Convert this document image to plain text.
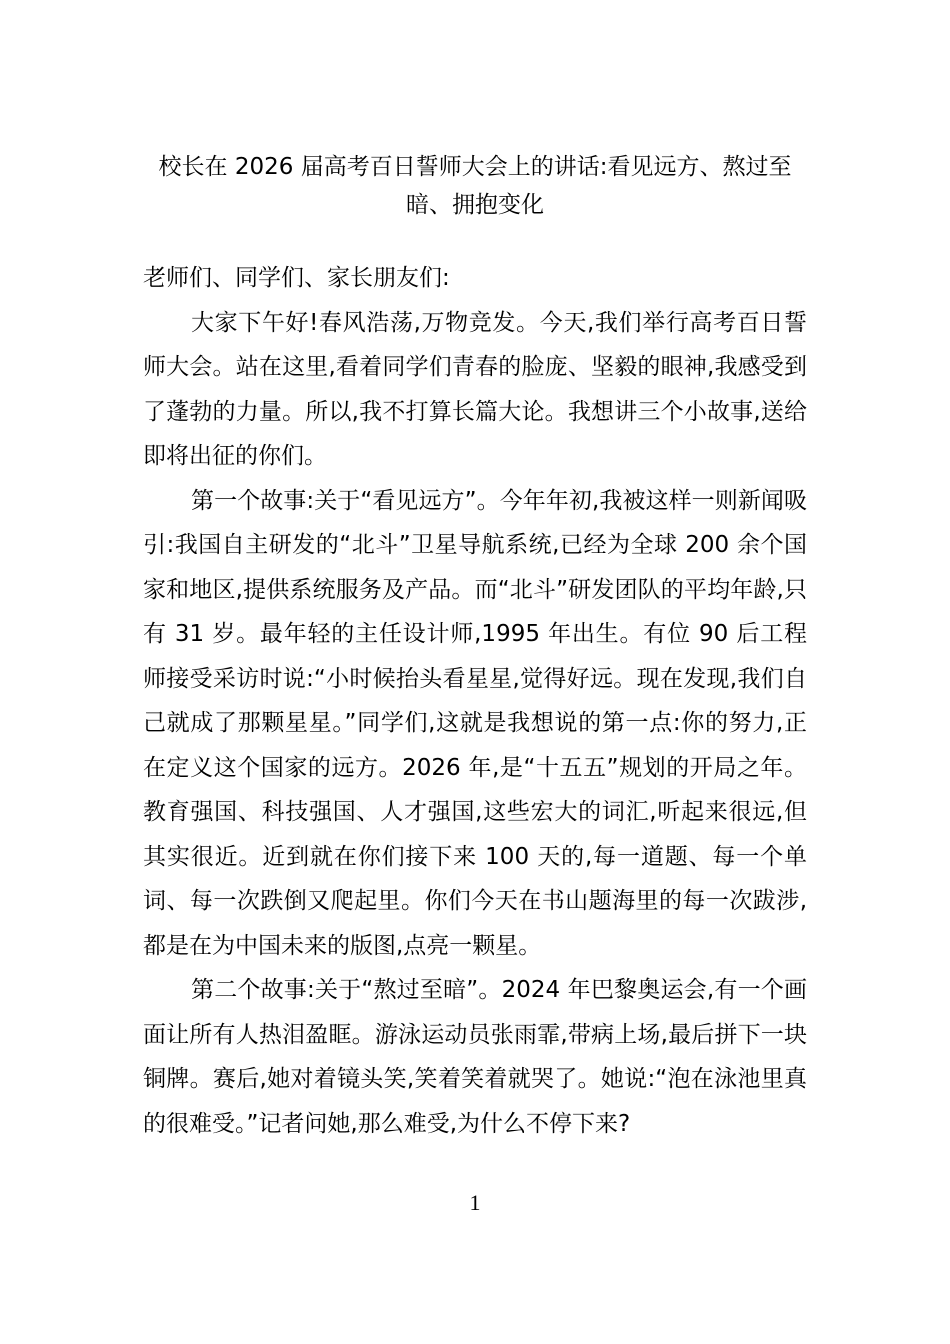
校长在 2026 届高考百日誓师大会上的讲话:看见远方、熬过至暗、拥抱变化

老师们、同学们、家长朋友们:

大家下午好!春风浩荡,万物竞发。今天,我们举行高考百日誓师大会。站在这里,看着同学们青春的脸庞、坚毅的眼神,我感受到了蓬勃的力量。所以,我不打算长篇大论。我想讲三个小故事,送给即将出征的你们。

第一个故事:关于“看见远方”。今年年初,我被这样一则新闻吸引:我国自主研发的“北斗”卫星导航系统,已经为全球 200 余个国家和地区,提供系统服务及产品。而“北斗”研发团队的平均年龄,只有 31 岁。最年轻的主任设计师,1995 年出生。有位 90 后工程师接受采访时说:“小时候抬头看星星,觉得好远。现在发现,我们自己就成了那颗星星。”同学们,这就是我想说的第一点:你的努力,正在定义这个国家的远方。2026 年,是“十五五”规划的开局之年。教育强国、科技强国、人才强国,这些宏大的词汇,听起来很远,但其实很近。近到就在你们接下来 100 天的,每一道题、每一个单词、每一次跌倒又爬起里。你们今天在书山题海里的每一次跋涉,都是在为中国未来的版图,点亮一颗星。

第二个故事:关于“熬过至暗”。2024 年巴黎奥运会,有一个画面让所有人热泪盈眶。游泳运动员张雨霏,带病上场,最后拼下一块铜牌。赛后,她对着镜头笑,笑着笑着就哭了。她说:“泡在泳池里真的很难受。”记者问她,那么难受,为什么不停下来?

1
